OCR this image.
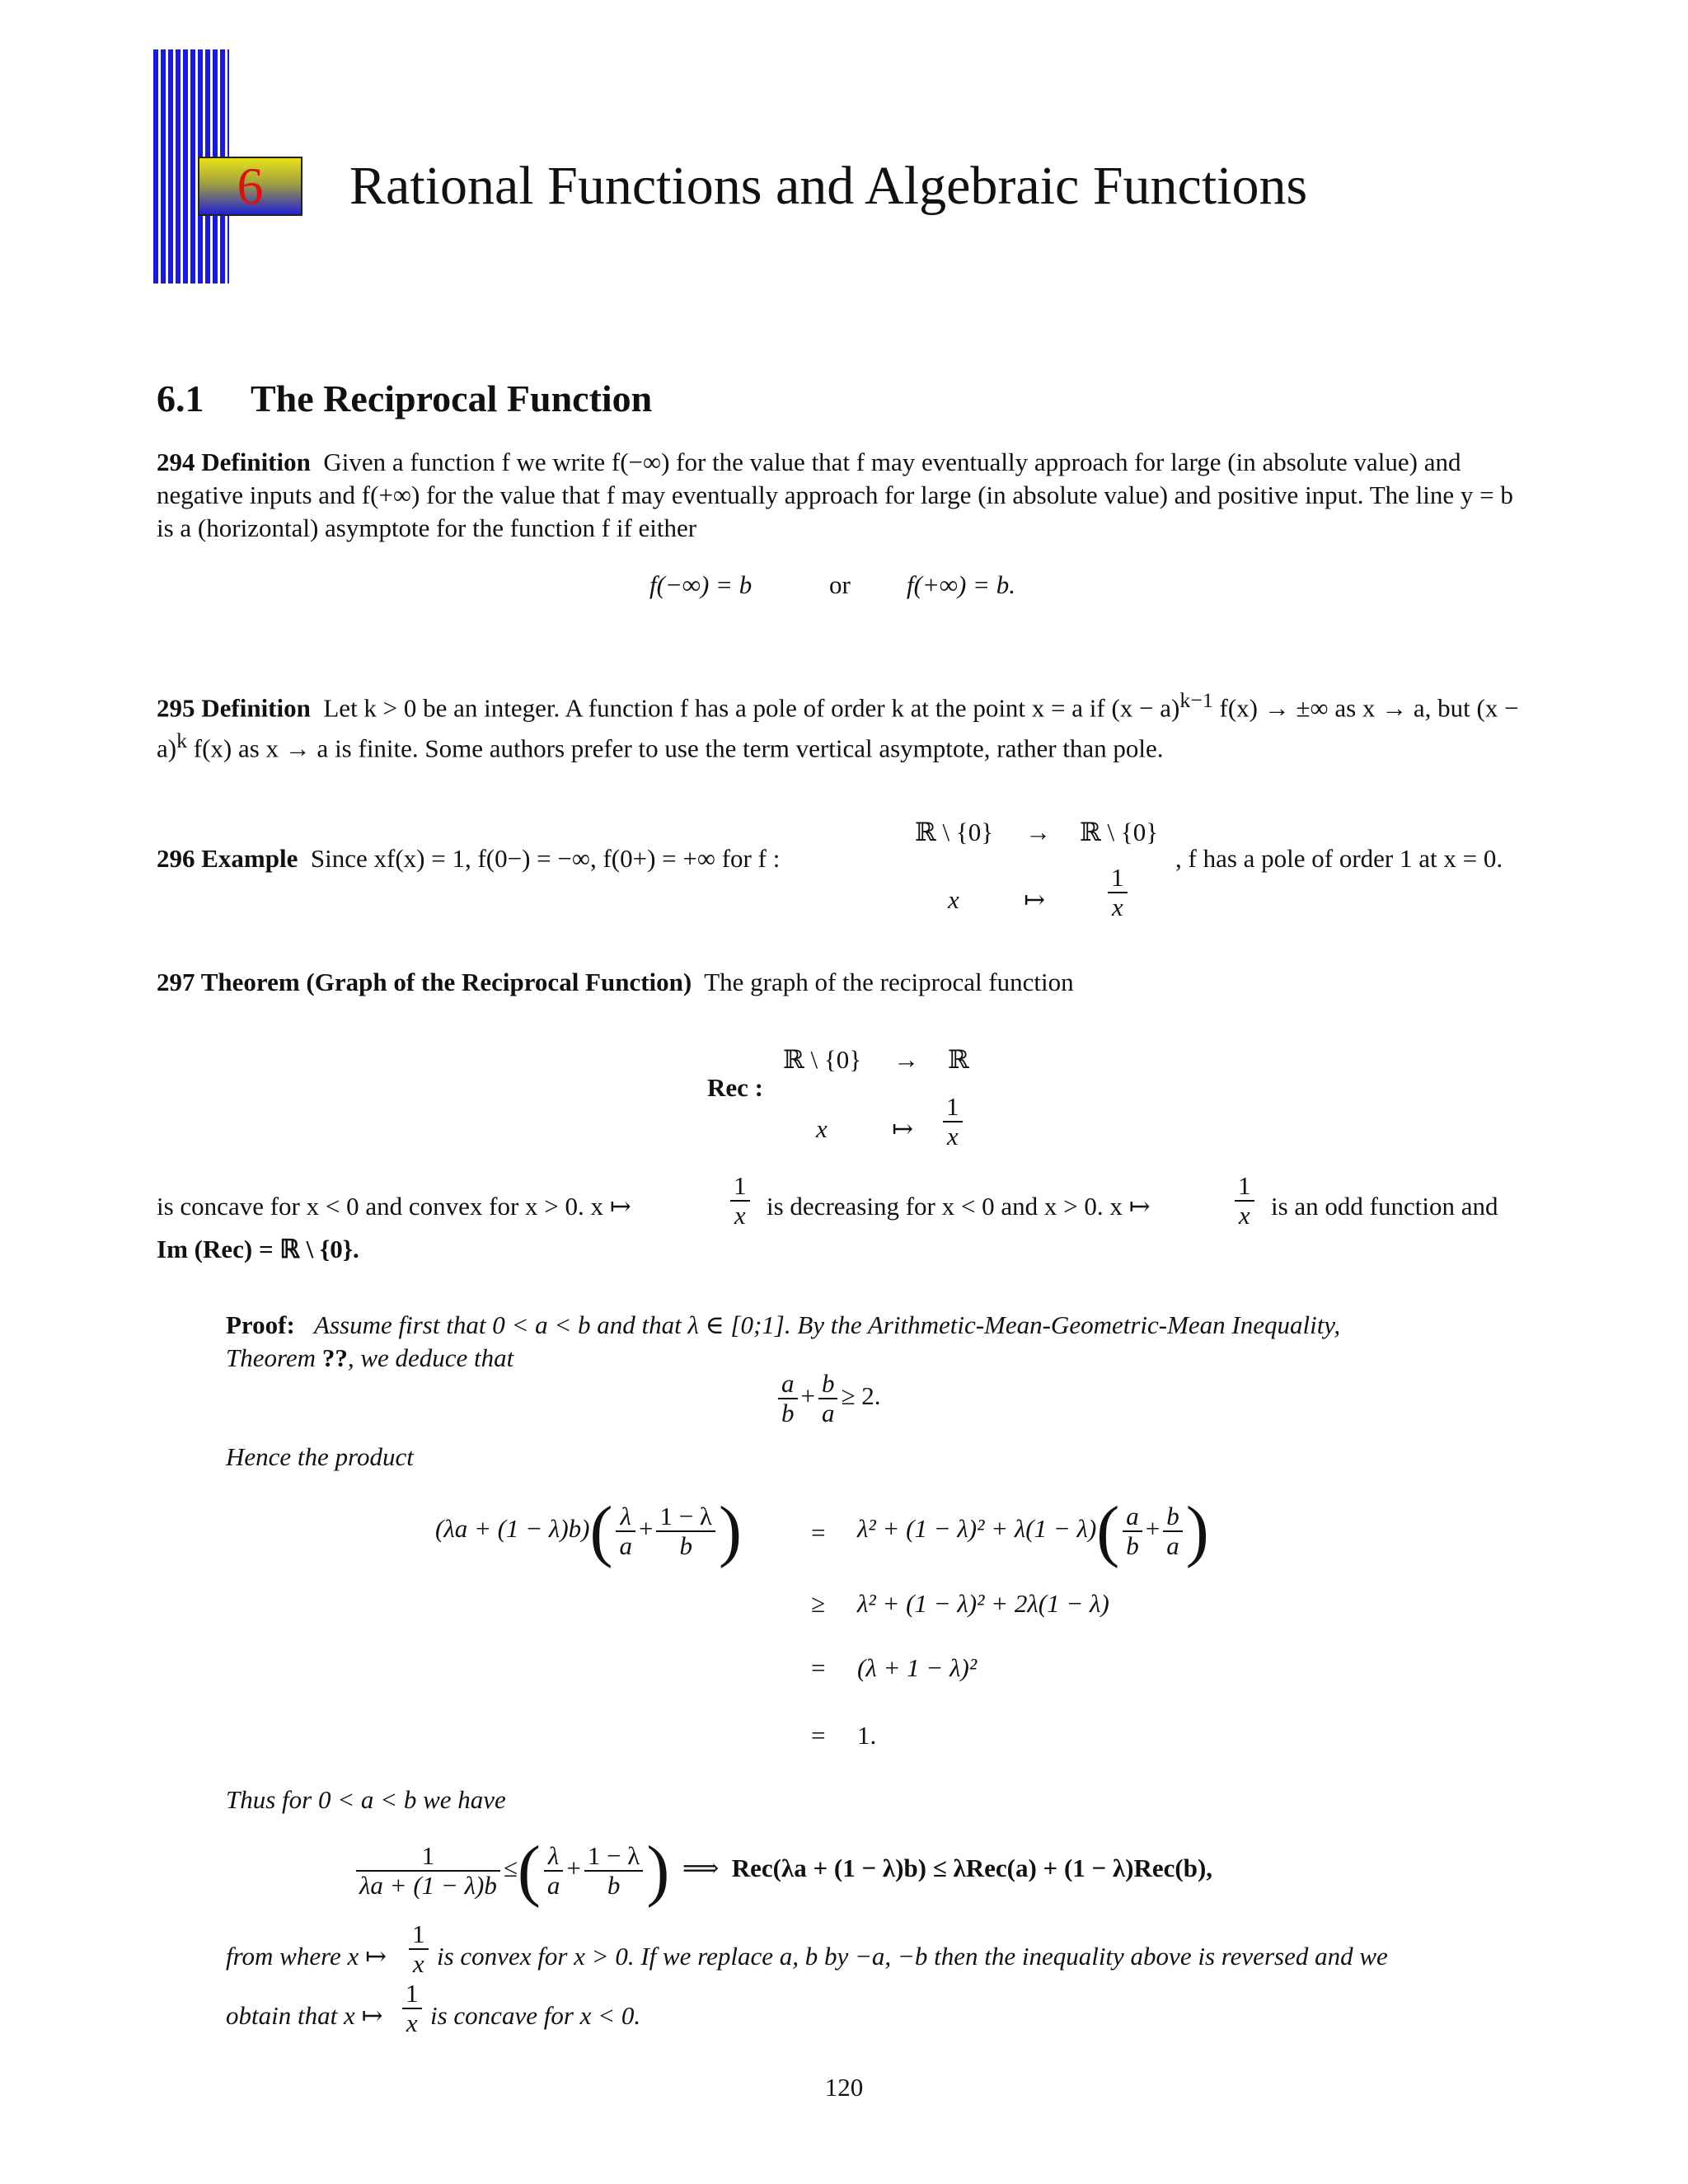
6	Rational Functions and Algebraic Functions
6.1 The Reciprocal Function
294 Definition Given a function f we write f(−∞) for the value that f may eventually approach for large (in absolute value) and negative inputs and f(+∞) for the value that f may eventually approach for large (in absolute value) and positive input. The line y = b is a (horizontal) asymptote for the function f if either
f(−∞) = b	or f(+∞) = b.
295 Definition Let k > 0 be an integer. A function f has a pole of order k at the point x = a if $(x - a)^{k-1}$ f(x) → ±∞ as x → a, but $(x - a)^k$ f(x) as x → a is finite. Some authors prefer to use the term vertical asymptote, rather than pole.
296 Example Since xf(x) = 1, f(0−) = −∞, f(0+) = +∞ for f :
ℝ \ {0} → ℝ \ {0}
x	↦ $\frac{1}{x}$
, f has a pole of order 1 at x = 0.
297 Theorem (Graph of the Reciprocal Function) The graph of the reciprocal function
Rec :
ℝ \ {0} → ℝ
x	↦ $\frac{1}{x}$
is concave for x < 0 and convex for x > 0. x ↦	$\frac{1}{x}$ is decreasing for x < 0 and x > 0. x ↦	$\frac{1}{x}$ is an odd function and
Im (Rec) = ℝ \ {0}.
Proof: Assume first that 0 < a < b and that λ ∈ [0;1]. By the Arithmetic-Mean-Geometric-Mean Inequality,
Theorem ??, we deduce that
$\frac{a}{b} + \frac{b}{a} \ge 2$.
Hence the product
$(\lambda a + (1 - \lambda)b)( \frac{\lambda}{a} + \frac{1 - \lambda}{b}$ )	= $\lambda^2 + (1 - \lambda)^2 + \lambda(1 - \lambda)( \frac{a}{b} + \frac{b}{a}$ )
≥ λ² + (1 − λ)² + 2λ(1 − λ)
= (λ + 1 − λ)²
= 1.
Thus for 0 < a < b we have
$\frac{1}{\lambda a + (1 - \lambda)b}$ ≤( $\frac{\lambda}{a} + \frac{1 - \lambda}{b}$ ) ⟹ Rec(λa + (1 − λ)b) ≤ λRec(a) + (1 − λ)Rec(b),
from where x ↦ $\frac{1}{x}$ is convex for x > 0. If we replace a, b by −a, −b then the inequality above is reversed and we
obtain that x ↦ $\frac{1}{x}$ is concave for x < 0.
120
